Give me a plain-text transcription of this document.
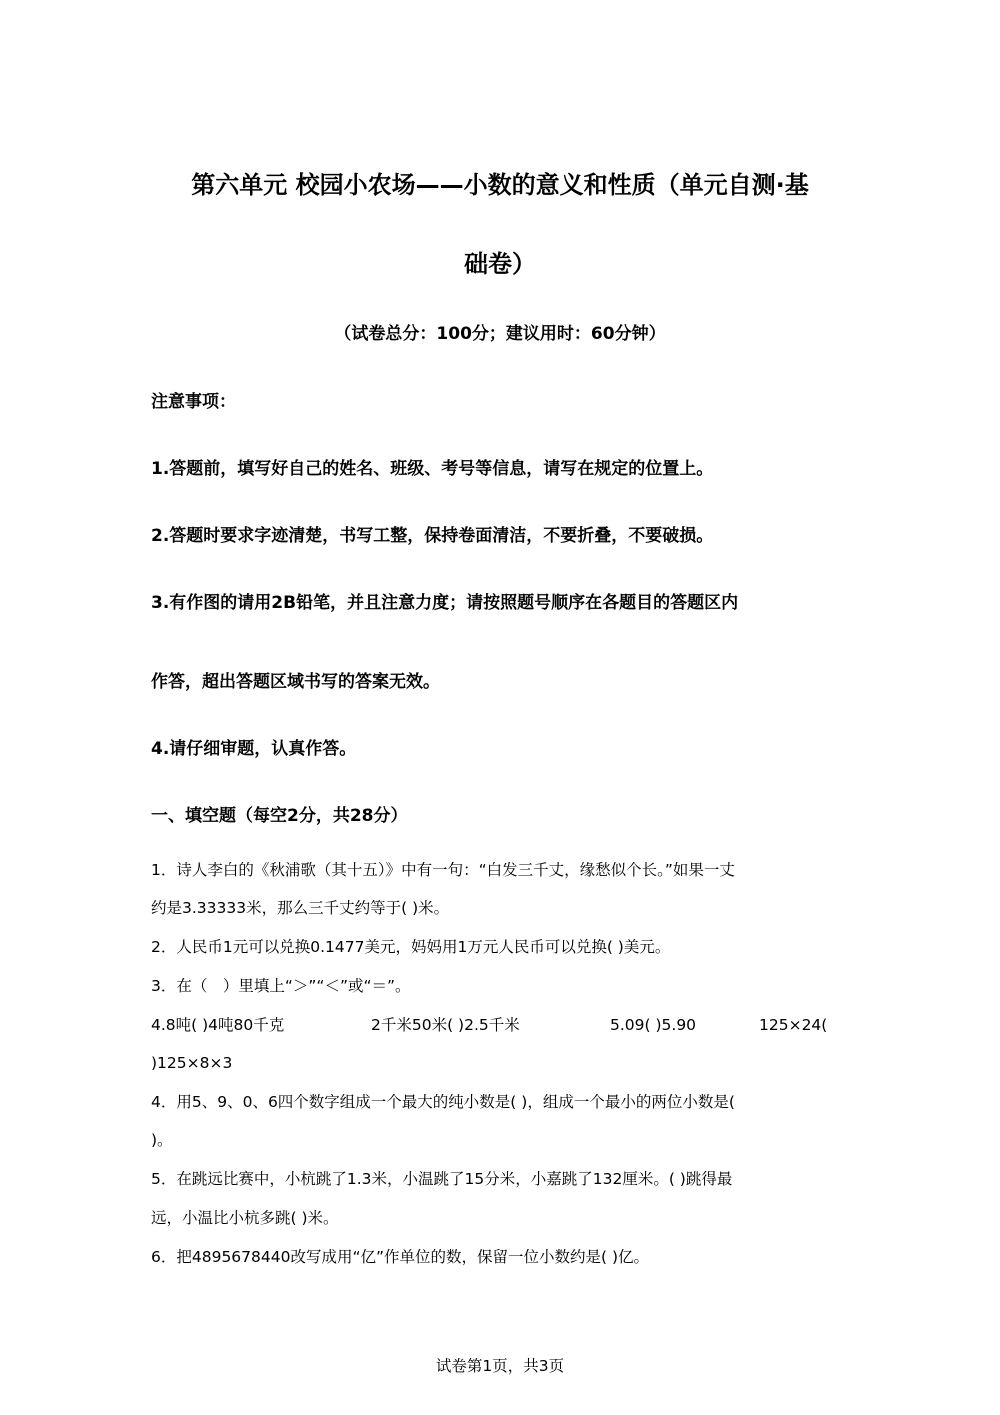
第六单元 校园小农场——小数的意义和性质（单元自测·基
础卷）
（试卷总分：100分；建议用时：60分钟）
注意事项：
1.答题前，填写好自己的姓名、班级、考号等信息，请写在规定的位置上。
2.答题时要求字迹清楚，书写工整，保持卷面清洁，不要折叠，不要破损。
3.有作图的请用2B铅笔，并且注意力度；请按照题号顺序在各题目的答题区内
作答，超出答题区域书写的答案无效。
4.请仔细审题，认真作答。
一、填空题（每空2分，共28分）
1．诗人李白的《秋浦歌（其十五）》中有一句：“白发三千丈，缘愁似个长。”如果一丈
约是3.33333米，那么三千丈约等于( )米。
2．人民币1元可以兑换0.1477美元，妈妈用1万元人民币可以兑换( )美元。
3．在（　）里填上“＞”“＜”或“＝”。
4.8吨( )4吨80千克	2千米50米( )2.5千米	5.09( )5.90	125×24(
)125×8×3
4．用5、9、0、6四个数字组成一个最大的纯小数是( )，组成一个最小的两位小数是(
)。
5．在跳远比赛中，小杭跳了1.3米，小温跳了15分米，小嘉跳了132厘米。( )跳得最
远，小温比小杭多跳( )米。
6．把4895678440改写成用“亿”作单位的数，保留一位小数约是( )亿。
试卷第1页，共3页
